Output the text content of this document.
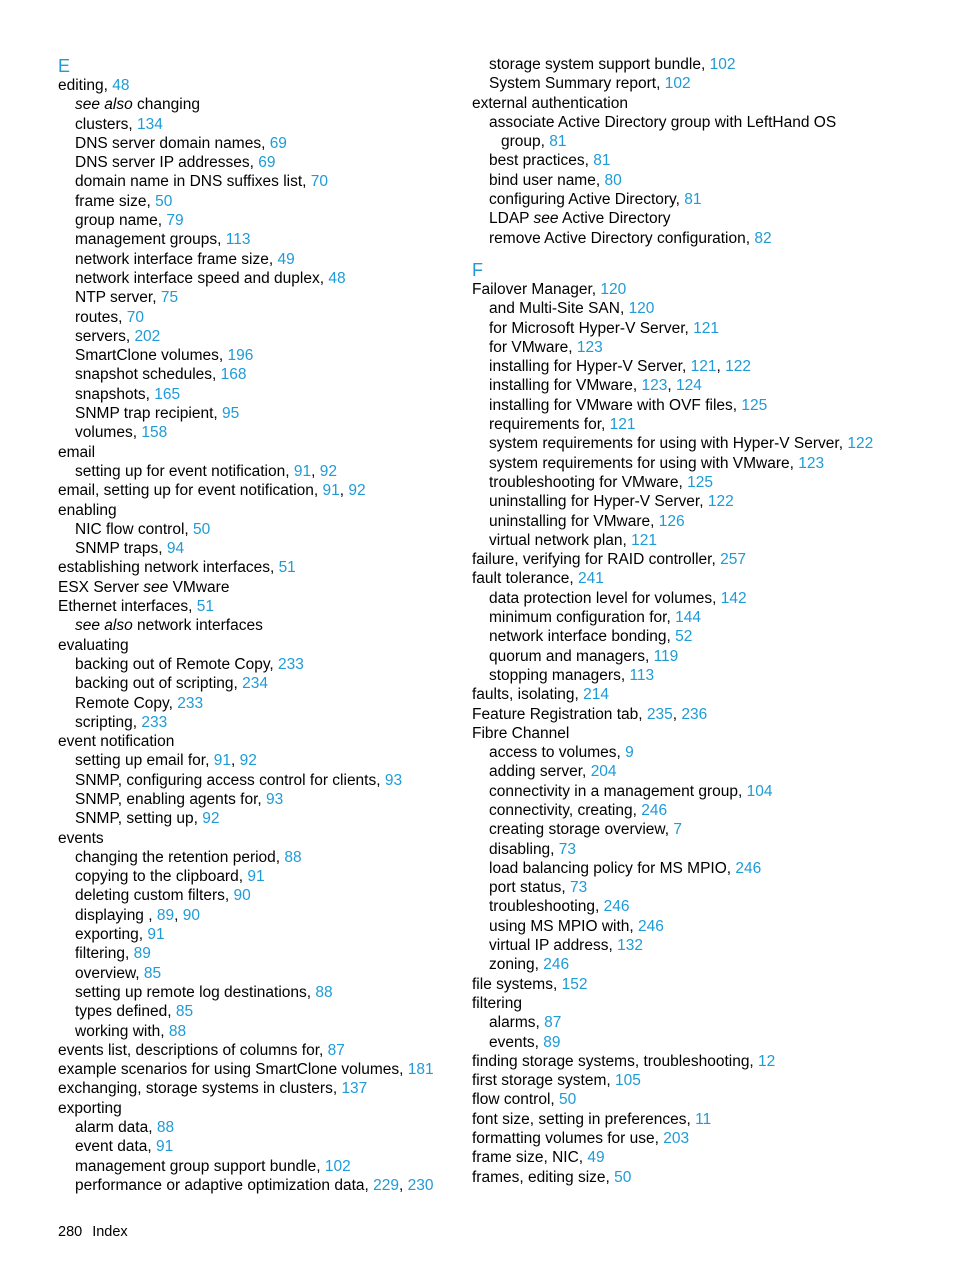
E
editing, 48
see also changing
clusters, 134
DNS server domain names, 69
DNS server IP addresses, 69
domain name in DNS suffixes list, 70
frame size, 50
group name, 79
management groups, 113
network interface frame size, 49
network interface speed and duplex, 48
NTP server, 75
routes, 70
servers, 202
SmartClone volumes, 196
snapshot schedules, 168
snapshots, 165
SNMP trap recipient, 95
volumes, 158
email
setting up for event notification, 91, 92
email, setting up for event notification, 91, 92
enabling
NIC flow control, 50
SNMP traps, 94
establishing network interfaces, 51
ESX Server see VMware
Ethernet interfaces, 51
see also network interfaces
evaluating
backing out of Remote Copy, 233
backing out of scripting, 234
Remote Copy, 233
scripting, 233
event notification
setting up email for, 91, 92
SNMP, configuring access control for clients, 93
SNMP, enabling agents for, 93
SNMP, setting up, 92
events
changing the retention period, 88
copying to the clipboard, 91
deleting custom filters, 90
displaying , 89, 90
exporting, 91
filtering, 89
overview, 85
setting up remote log destinations, 88
types defined, 85
working with, 88
events list, descriptions of columns for, 87
example scenarios for using SmartClone volumes, 181
exchanging, storage systems in clusters, 137
exporting
alarm data, 88
event data, 91
management group support bundle, 102
performance or adaptive optimization data, 229, 230
storage system support bundle, 102
System Summary report, 102
external authentication
associate Active Directory group with LeftHand OS
group, 81
best practices, 81
bind user name, 80
configuring Active Directory, 81
LDAP see Active Directory
remove Active Directory configuration, 82
F
Failover Manager, 120
and Multi-Site SAN, 120
for Microsoft Hyper-V Server, 121
for VMware, 123
installing for Hyper-V Server, 121, 122
installing for VMware, 123, 124
installing for VMware with OVF files, 125
requirements for, 121
system requirements for using with Hyper-V Server, 122
system requirements for using with VMware, 123
troubleshooting for VMware, 125
uninstalling for Hyper-V Server, 122
uninstalling for VMware, 126
virtual network plan, 121
failure, verifying for RAID controller, 257
fault tolerance, 241
data protection level for volumes, 142
minimum configuration for, 144
network interface bonding, 52
quorum and managers, 119
stopping managers, 113
faults, isolating, 214
Feature Registration tab, 235, 236
Fibre Channel
access to volumes, 9
adding server, 204
connectivity in a management group, 104
connectivity, creating, 246
creating storage overview, 7
disabling, 73
load balancing policy for MS MPIO, 246
port status, 73
troubleshooting, 246
using MS MPIO with, 246
virtual IP address, 132
zoning, 246
file systems, 152
filtering
alarms, 87
events, 89
finding storage systems, troubleshooting, 12
first storage system, 105
flow control, 50
font size, setting in preferences, 11
formatting volumes for use, 203
frame size, NIC, 49
frames, editing size, 50
280 Index
